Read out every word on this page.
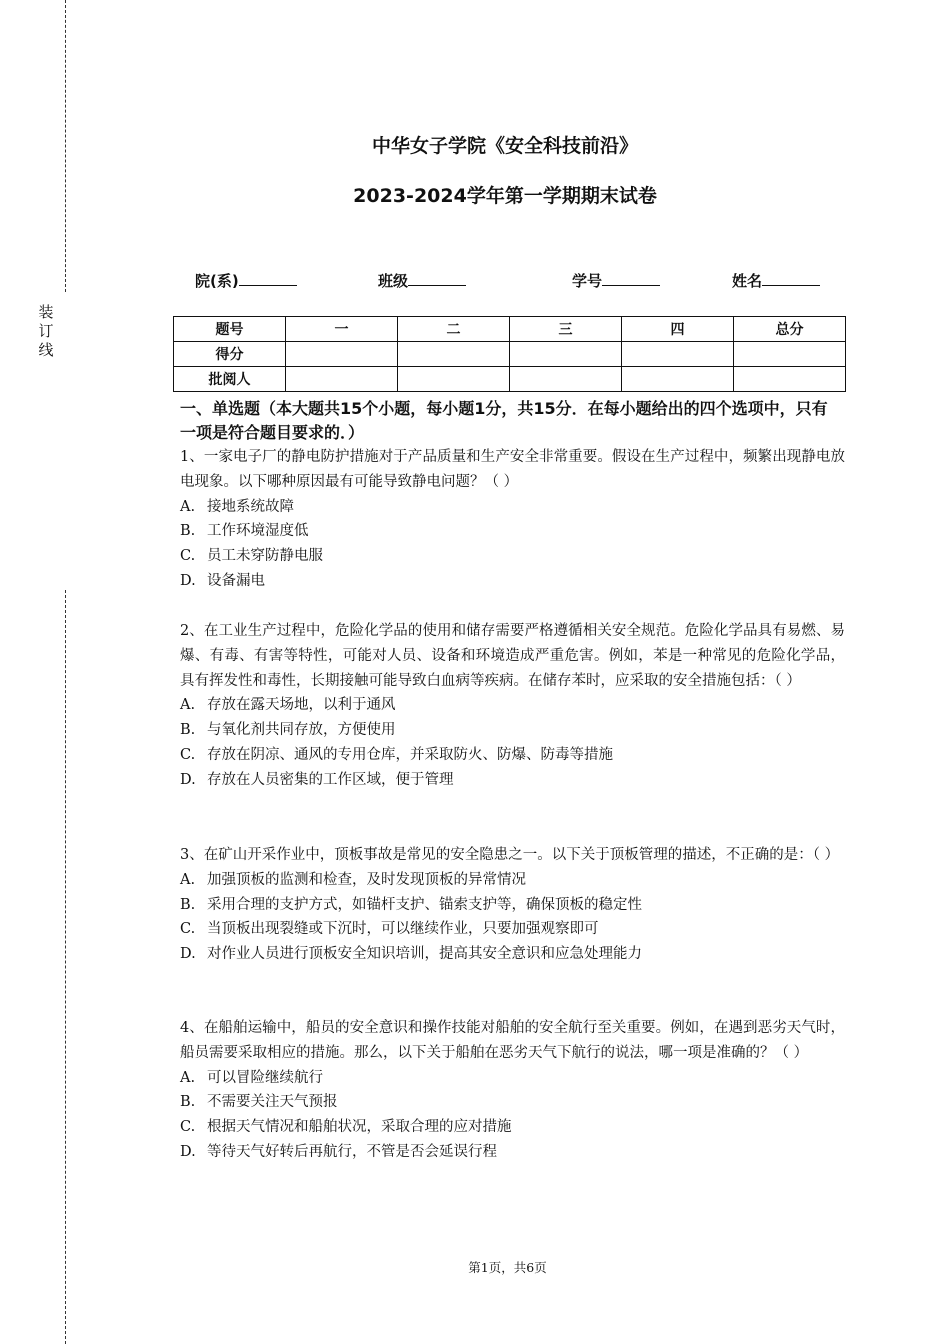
装
订
线
中华女子学院《安全科技前沿》
2023-2024学年第一学期期末试卷
院(系)	班级	学号	姓名
题号	一	二	三	四	总分
得分					
批阅人					
一、单选题（本大题共15个小题，每小题1分，共15分．在每小题给出的四个选项中，只有一项是符合题目要求的．）
1、一家电子厂的静电防护措施对于产品质量和生产安全非常重要。假设在生产过程中，频繁出现静电放电现象。以下哪种原因最有可能导致静电问题？（ ）
A. 接地系统故障
B. 工作环境湿度低
C. 员工未穿防静电服
D. 设备漏电
2、在工业生产过程中，危险化学品的使用和储存需要严格遵循相关安全规范。危险化学品具有易燃、易爆、有毒、有害等特性，可能对人员、设备和环境造成严重危害。例如，苯是一种常见的危险化学品，具有挥发性和毒性，长期接触可能导致白血病等疾病。在储存苯时，应采取的安全措施包括：（ ）
A. 存放在露天场地，以利于通风
B. 与氧化剂共同存放，方便使用
C. 存放在阴凉、通风的专用仓库，并采取防火、防爆、防毒等措施
D. 存放在人员密集的工作区域，便于管理
3、在矿山开采作业中，顶板事故是常见的安全隐患之一。以下关于顶板管理的描述，不正确的是：（ ）
A. 加强顶板的监测和检查，及时发现顶板的异常情况
B. 采用合理的支护方式，如锚杆支护、锚索支护等，确保顶板的稳定性
C. 当顶板出现裂缝或下沉时，可以继续作业，只要加强观察即可
D. 对作业人员进行顶板安全知识培训，提高其安全意识和应急处理能力
4、在船舶运输中，船员的安全意识和操作技能对船舶的安全航行至关重要。例如，在遇到恶劣天气时，船员需要采取相应的措施。那么，以下关于船舶在恶劣天气下航行的说法，哪一项是准确的？（ ）
A. 可以冒险继续航行
B. 不需要关注天气预报
C. 根据天气情况和船舶状况，采取合理的应对措施
D. 等待天气好转后再航行，不管是否会延误行程
第1页，共6页
